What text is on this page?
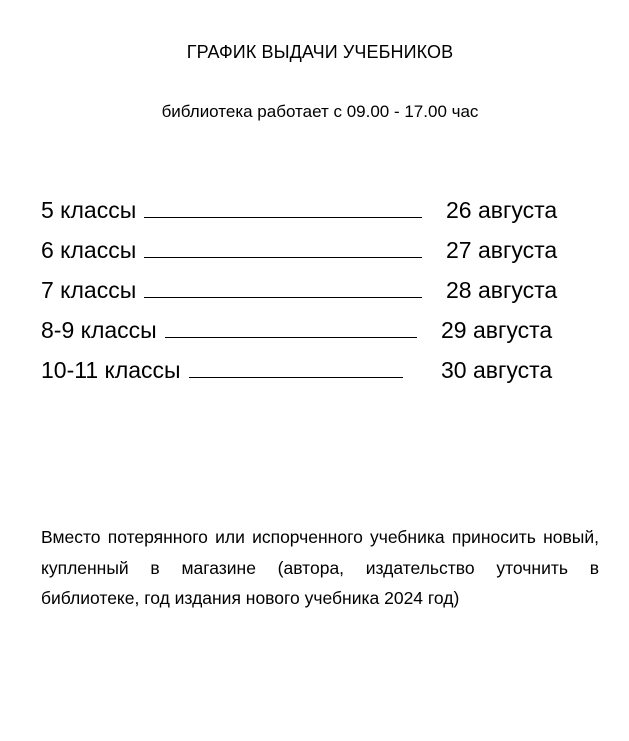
ГРАФИК ВЫДАЧИ УЧЕБНИКОВ
библиотека работает с 09.00 - 17.00 час
5 классы	26 августа
6 классы	27 августа
7 классы	28 августа
8-9 классы	29 августа
10-11 классы	30 августа

Вместо потерянного или испорченного учебника приносить новый, купленный в магазине (автора, издательство уточнить в библиотеке, год издания нового учебника 2024 год)
